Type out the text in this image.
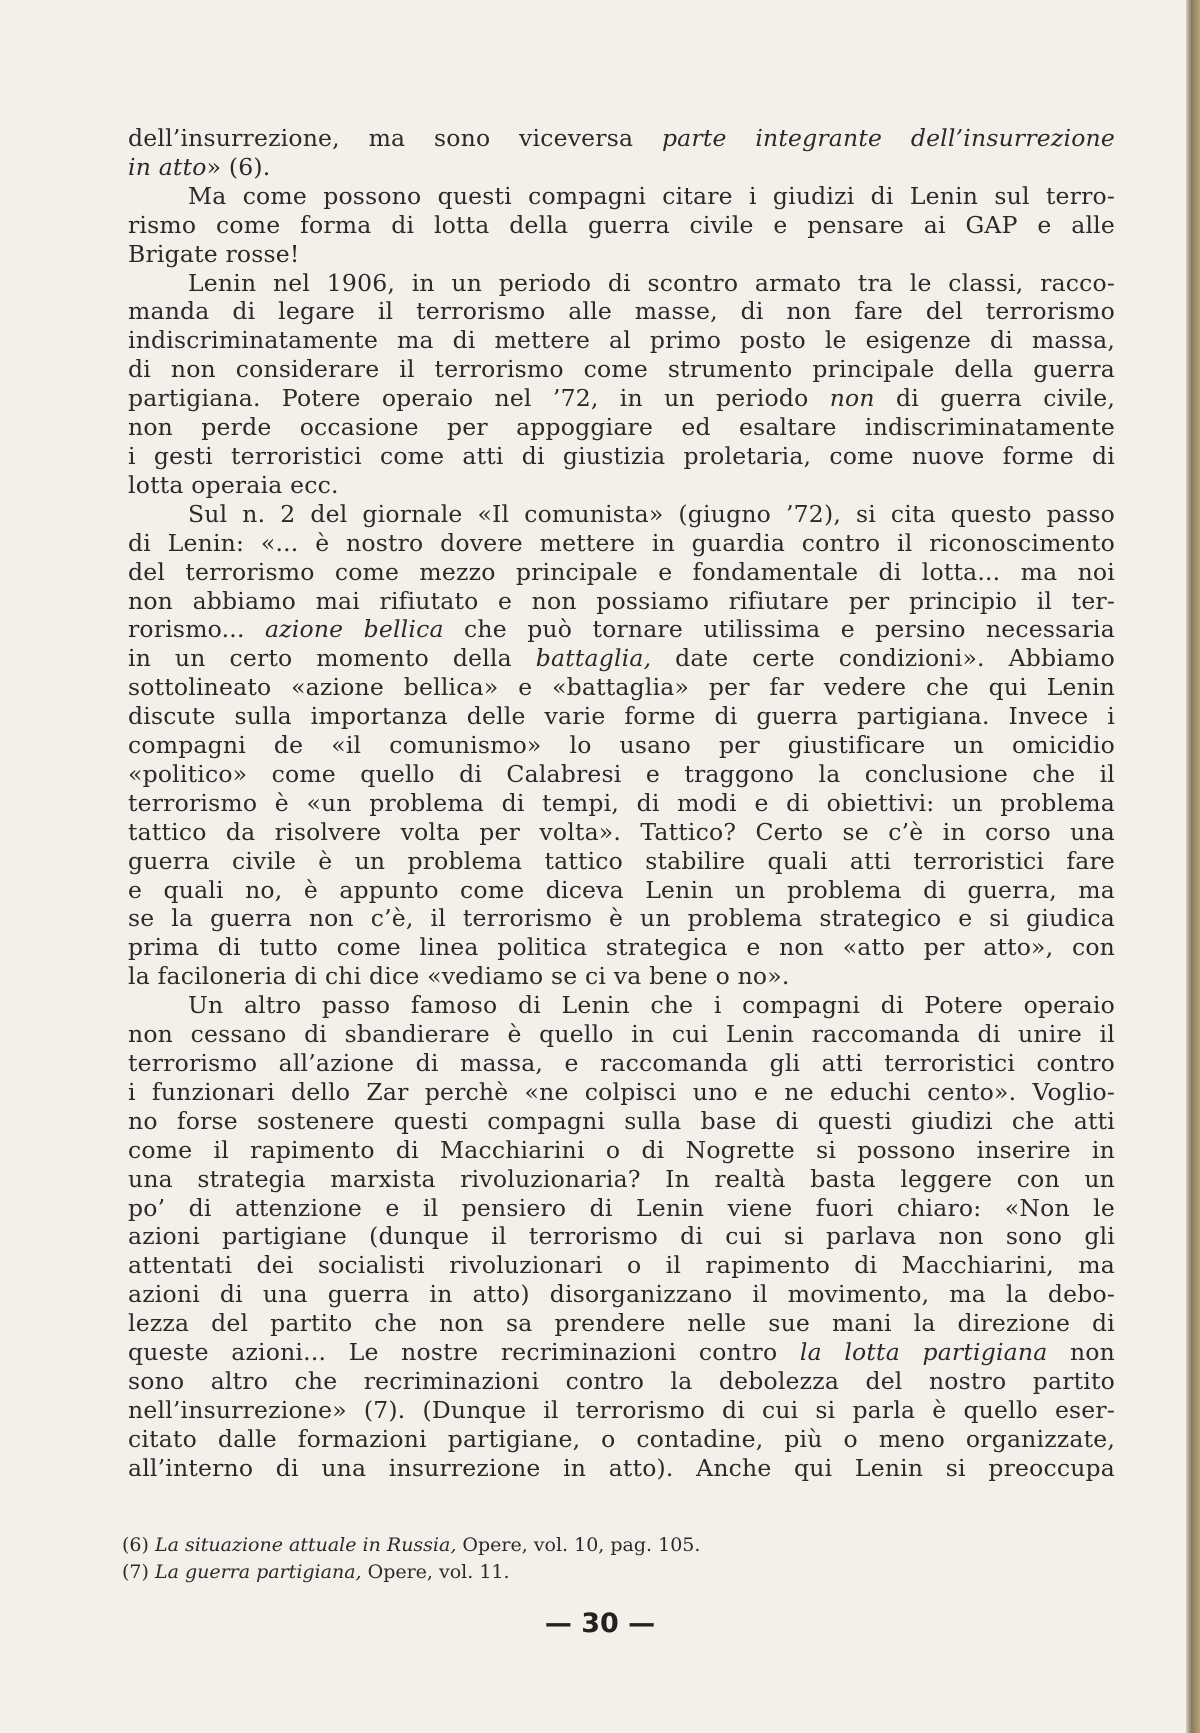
dell’insurrezione, ma sono viceversa parte integrante dell’insurrezione
in atto» (6).
Ma come possono questi compagni citare i giudizi di Lenin sul terro-
rismo come forma di lotta della guerra civile e pensare ai GAP e alle
Brigate rosse!
Lenin nel 1906, in un periodo di scontro armato tra le classi, racco-
manda di legare il terrorismo alle masse, di non fare del terrorismo
indiscriminatamente ma di mettere al primo posto le esigenze di massa,
di non considerare il terrorismo come strumento principale della guerra
partigiana. Potere operaio nel ’72, in un periodo non di guerra civile,
non perde occasione per appoggiare ed esaltare indiscriminatamente
i gesti terroristici come atti di giustizia proletaria, come nuove forme di
lotta operaia ecc.
Sul n. 2 del giornale «Il comunista» (giugno ’72), si cita questo passo
di Lenin: «... è nostro dovere mettere in guardia contro il riconoscimento
del terrorismo come mezzo principale e fondamentale di lotta... ma noi
non abbiamo mai rifiutato e non possiamo rifiutare per principio il ter-
rorismo... azione bellica che può tornare utilissima e persino necessaria
in un certo momento della battaglia, date certe condizioni». Abbiamo
sottolineato «azione bellica» e «battaglia» per far vedere che qui Lenin
discute sulla importanza delle varie forme di guerra partigiana. Invece i
compagni de «il comunismo» lo usano per giustificare un omicidio
«politico» come quello di Calabresi e traggono la conclusione che il
terrorismo è «un problema di tempi, di modi e di obiettivi: un problema
tattico da risolvere volta per volta». Tattico? Certo se c’è in corso una
guerra civile è un problema tattico stabilire quali atti terroristici fare
e quali no, è appunto come diceva Lenin un problema di guerra, ma
se la guerra non c’è, il terrorismo è un problema strategico e si giudica
prima di tutto come linea politica strategica e non «atto per atto», con
la faciloneria di chi dice «vediamo se ci va bene o no».
Un altro passo famoso di Lenin che i compagni di Potere operaio
non cessano di sbandierare è quello in cui Lenin raccomanda di unire il
terrorismo all’azione di massa, e raccomanda gli atti terroristici contro
i funzionari dello Zar perchè «ne colpisci uno e ne educhi cento». Voglio-
no forse sostenere questi compagni sulla base di questi giudizi che atti
come il rapimento di Macchiarini o di Nogrette si possono inserire in
una strategia marxista rivoluzionaria? In realtà basta leggere con un
po’ di attenzione e il pensiero di Lenin viene fuori chiaro: «Non le
azioni partigiane (dunque il terrorismo di cui si parlava non sono gli
attentati dei socialisti rivoluzionari o il rapimento di Macchiarini, ma
azioni di una guerra in atto) disorganizzano il movimento, ma la debo-
lezza del partito che non sa prendere nelle sue mani la direzione di
queste azioni... Le nostre recriminazioni contro la lotta partigiana non
sono altro che recriminazioni contro la debolezza del nostro partito
nell’insurrezione» (7). (Dunque il terrorismo di cui si parla è quello eser-
citato dalle formazioni partigiane, o contadine, più o meno organizzate,
all’interno di una insurrezione in atto). Anche qui Lenin si preoccupa
(6) La situazione attuale in Russia, Opere, vol. 10, pag. 105.
(7) La guerra partigiana, Opere, vol. 11.
— 30 —
